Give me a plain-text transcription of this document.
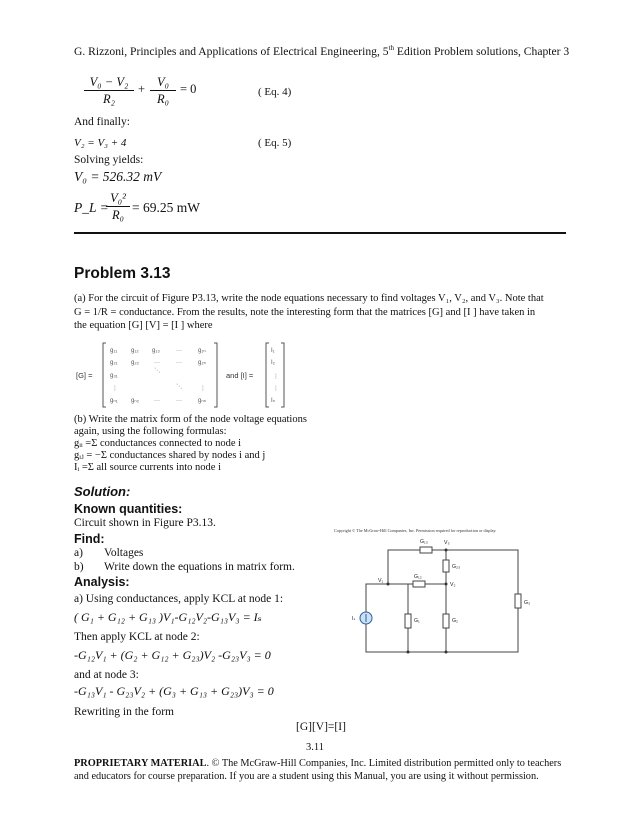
G. Rizzoni, Principles and Applications of Electrical Engineering, 5th Edition Problem solutions, Chapter 3
$\frac{\text{V₀ − V₂}}{\text{R₂}} + \frac{\text{V₀}}{\text{R₀}} = 0$	( Eq. 4)
And finally:
V₂ = V₃ + 4	( Eq. 5)
Solving yields:
V₀ = 526.32 mV
P_L =
$\frac{\text{V₀²}}{\text{R₀}} = 69.25$ mW
Problem 3.13
(a) For the circuit of Figure P3.13, write the node equations necessary to find voltages V₁, V₂, and V₃. Note that
G = 1/R = conductance. From the results, note the interesting form that the matrices [G] and [I ] have taken in
the equation [G] [V] = [I ] where
[G] =
g₁₁ g₁₂ g₁₃	···	g₁ₙ
g₂₁ g₂₂	···	···	g₂ₙ
g₃₁
⋱
⋮	⋱	⋮
gₙ₁ gₙ₂ ···	···	gₙₙ
and [I] =
I₁
I₂
⋮
⋮
Iₙ
(b) Write the matrix form of the node voltage equations
again, using the following formulas:
gᵢᵢ =Σ conductances connected to node i
gᵢⱼ = −Σ conductances shared by nodes i and j
Iᵢ =Σ all source currents into node i
Solution:
Known quantities:
Circuit shown in Figure P3.13.
Find:
a) Voltages
b) Write down the equations in matrix form.
Analysis:
a) Using conductances, apply KCL at node 1:
( G₁ + G₁₂ + G₁₃ )V₁-G₁₂V₂-G₁₃V₃ = Iₛ
Then apply KCL at node 2:
-G₁₂V₁ + (G₂ + G₁₂ + G₂₃)V₂ -G₂₃V₃ = 0
and at node 3:
-G₁₃V₁ - G₂₃V₂ + (G₃ + G₁₃ + G₂₃)V₃ = 0
Rewriting in the form
[G][V]=[I]
Copyright © The McGraw-Hill Companies, Inc. Permission required for reproduction or display.
G₁₃	V₃
G₂₃
G₁₂
V₁
V₂
G₃
Iₛ	G₁	G₂
3.11
PROPRIETARY MATERIAL. © The McGraw-Hill Companies, Inc. Limited distribution permitted only to teachers and educators for course preparation. If you are a student using this Manual, you are using it without permission.
